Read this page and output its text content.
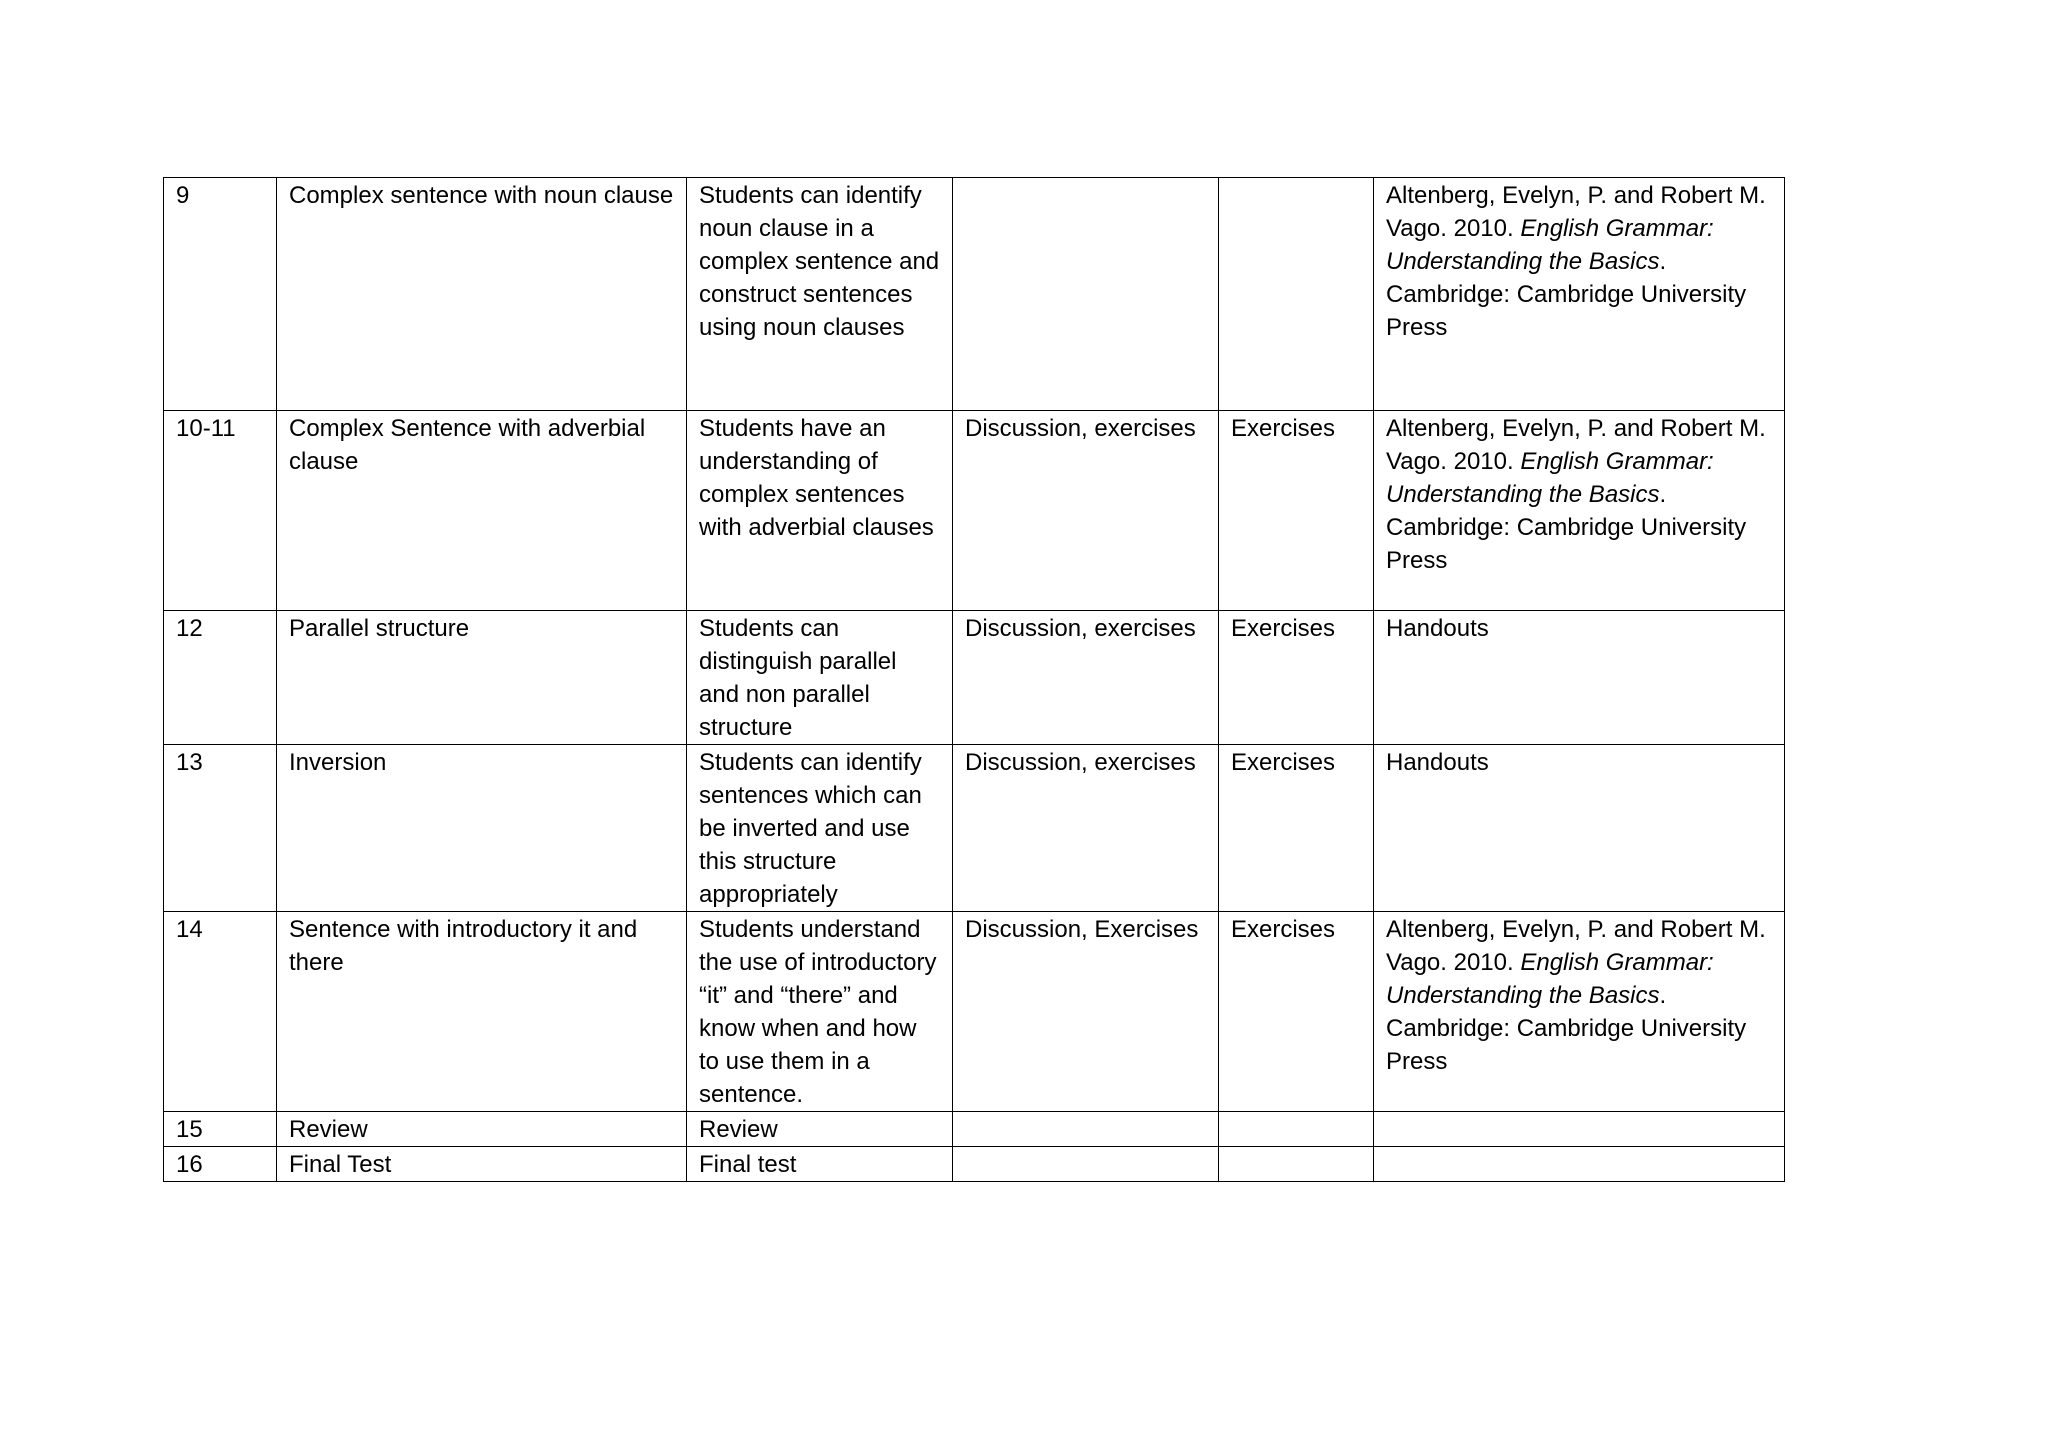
9	Complex sentence with noun clause	Students can identify noun clause in a complex sentence and construct sentences using noun clauses			Altenberg, Evelyn, P. and Robert M. Vago. 2010. English Grammar: Understanding the Basics. Cambridge: Cambridge University Press
10-11	Complex Sentence with adverbial clause	Students have an understanding of complex sentences with adverbial clauses	Discussion, exercises	Exercises	Altenberg, Evelyn, P. and Robert M. Vago. 2010. English Grammar: Understanding the Basics. Cambridge: Cambridge University Press
12	Parallel structure	Students can distinguish parallel and non parallel structure	Discussion, exercises	Exercises	Handouts
13	Inversion	Students can identify sentences which can be inverted and use this structure appropriately	Discussion, exercises	Exercises	Handouts
14	Sentence with introductory it and there	Students understand the use of introductory “it” and “there” and know when and how to use them in a sentence.	Discussion, Exercises	Exercises	Altenberg, Evelyn, P. and Robert M. Vago. 2010. English Grammar: Understanding the Basics. Cambridge: Cambridge University Press
15	Review	Review			
16	Final Test	Final test			
